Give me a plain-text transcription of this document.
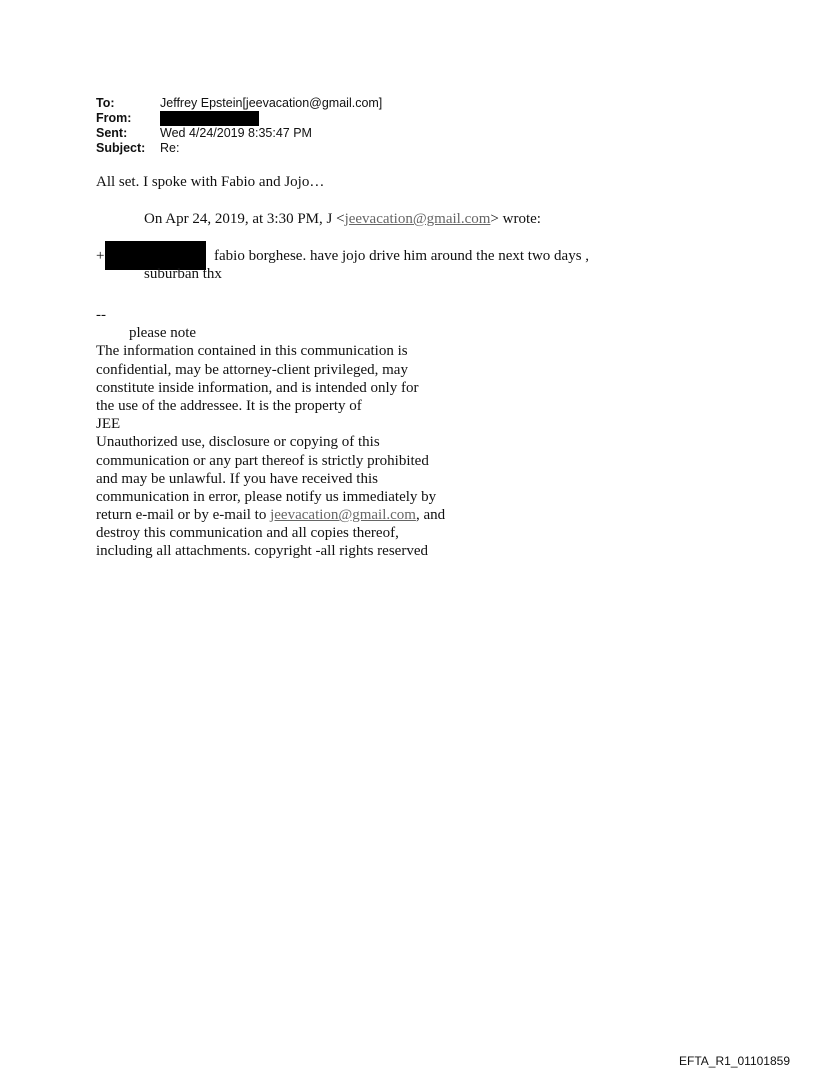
To:	Jeffrey Epstein[jeevacation@gmail.com]
From:
Sent:	Wed 4/24/2019 8:35:47 PM
Subject: Re:
All set. I spoke with Fabio and Jojo…
On Apr 24, 2019, at 3:30 PM, J <jeevacation@gmail.com> wrote:
+	fabio borghese. have jojo drive him around the next two days ,
suburban thx
--
please note
The information contained in this communication is
confidential, may be attorney-client privileged, may
constitute inside information, and is intended only for
the use of the addressee. It is the property of
JEE
Unauthorized use, disclosure or copying of this
communication or any part thereof is strictly prohibited
and may be unlawful. If you have received this
communication in error, please notify us immediately by
return e-mail or by e-mail to jeevacation@gmail.com, and
destroy this communication and all copies thereof,
including all attachments. copyright -all rights reserved
EFTA_R1_01101859
